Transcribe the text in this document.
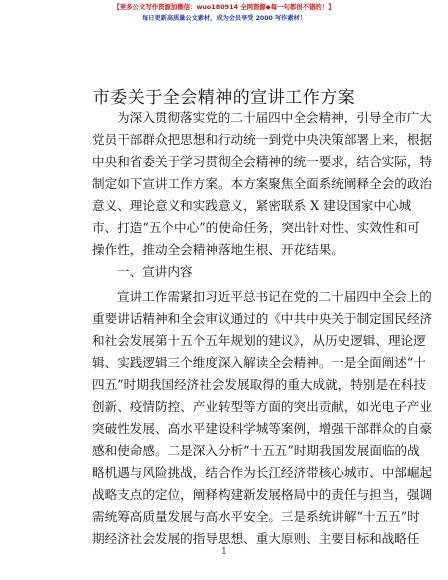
【更多公文写作资源加微信：wuo180914 全网资源◆每一句都很不错的！】
每日更新高质量公文素材，成为会员享受 2000 写作素材！
市委关于全会精神的宣讲工作方案
为深入贯彻落实党的二十届四中全会精神，引导全市广大
党员干部群众把思想和行动统一到党中央决策部署上来，根据
中央和省委关于学习贯彻全会精神的统一要求，结合实际，特
制定如下宣讲工作方案。本方案聚焦全面系统阐释全会的政治
意义、理论意义和实践意义，紧密联系 X 建设国家中心城
市、打造“五个中心”的使命任务，突出针对性、实效性和可
操作性，推动全会精神落地生根、开花结果。
一、宣讲内容
宣讲工作需紧扣习近平总书记在党的二十届四中全会上的
重要讲话精神和全会审议通过的《中共中央关于制定国民经济
和社会发展第十五个五年规划的建议》，从历史逻辑、理论逻
辑、实践逻辑三个维度深入解读全会精神。一是全面阐述“十
四五”时期我国经济社会发展取得的重大成就，特别是在科技
创新、疫情防控、产业转型等方面的突出贡献，如光电子产业
突破性发展、高水平建设科学城等案例，增强干部群众的自豪
感和使命感。二是深入分析“十五五”时期我国发展面临的战
略机遇与风险挑战，结合作为长江经济带核心城市、中部崛起
战略支点的定位，阐释构建新发展格局中的责任与担当，强调
需统筹高质量发展与高水平安全。三是系统讲解“十五五”时
期经济社会发展的指导思想、重大原则、主要目标和战略任
1
